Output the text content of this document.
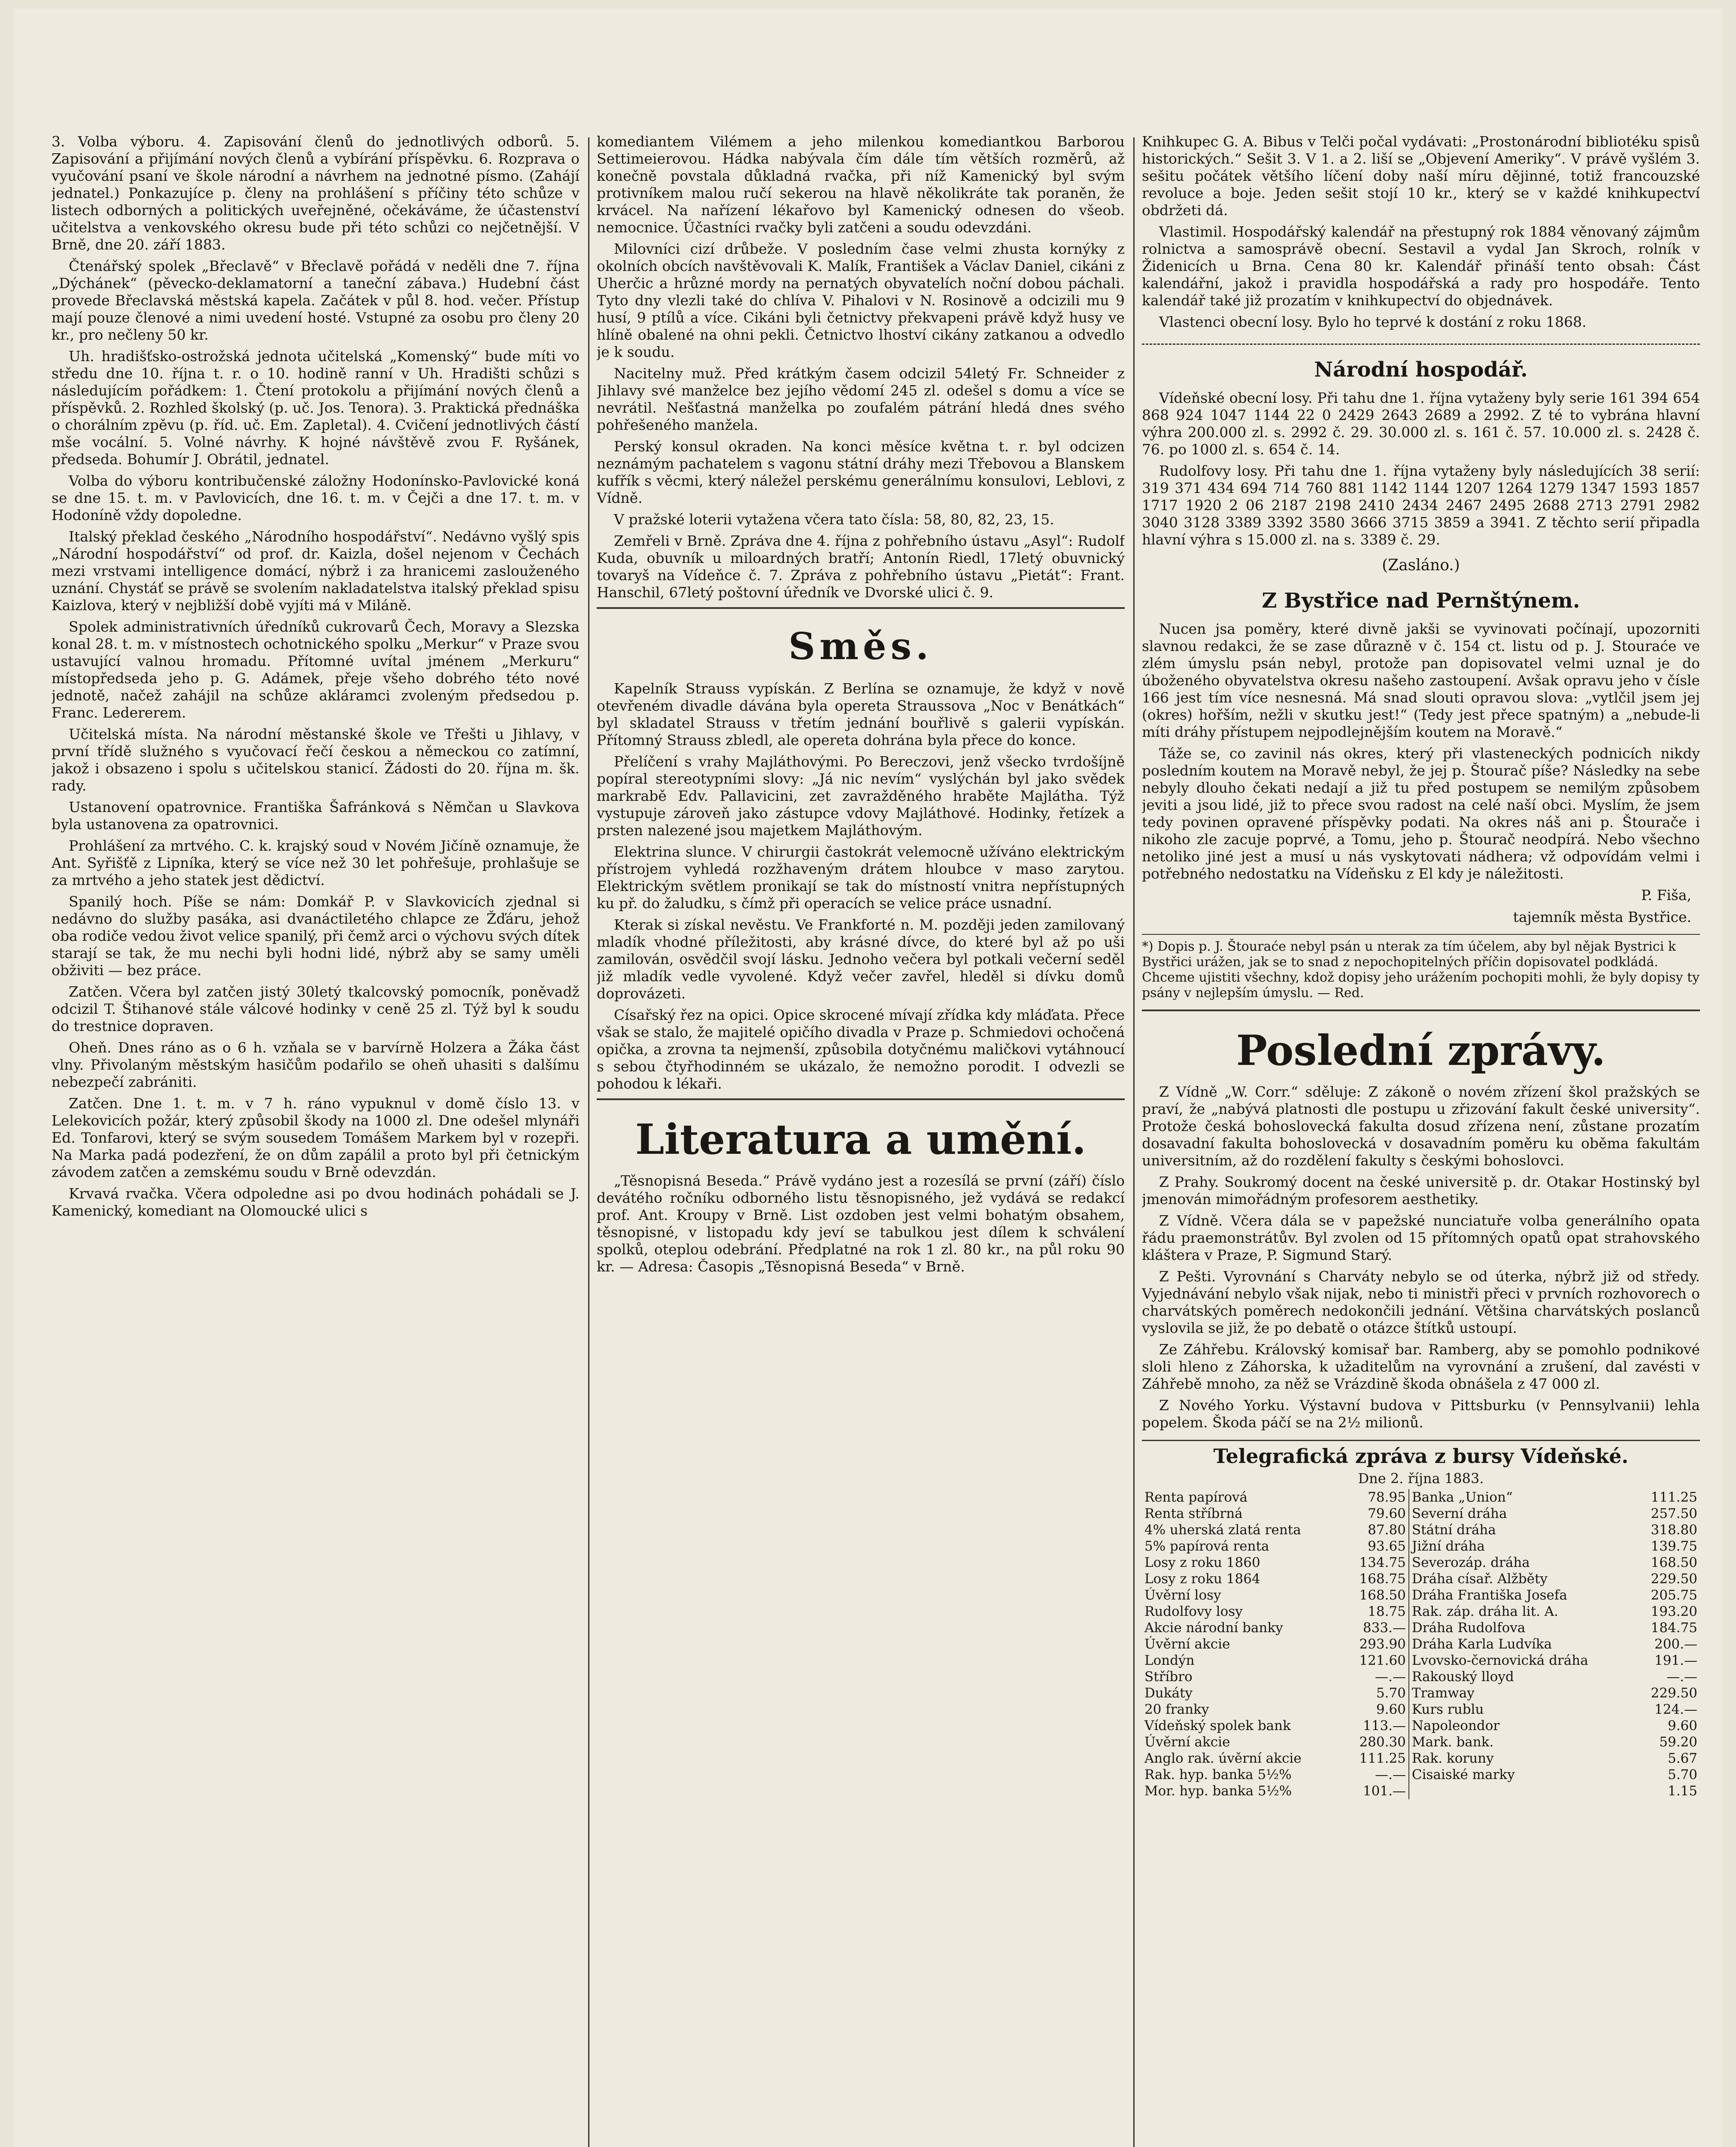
3. Volba výboru. 4. Zapisování členů do jednotlivých odborů. 5. Zapisování a přijímání nových členů a vybírání příspěvku. 6. Rozprava o vyučování psaní ve škole národní a návrhem na jednotné písmo. (Zahájí jednatel.) Ponkazujíce p. členy na prohlášení s příčiny této schůze v listech odborných a politických uveřejněné, očekáváme, že účastenství učitelstva a venkovského okresu bude při této schůzi co nejčetnější. V Brně, dne 20. září 1883.

Čtenářský spolek „Břeclavě“ v Břeclavě pořádá v neděli dne 7. října „Dýchánek“ (pěvecko-deklamatorní a taneční zábava.) Hudební část provede Břeclavská městská kapela. Začátek v půl 8. hod. večer. Přístup mají pouze členové a nimi uvedení hosté. Vstupné za osobu pro členy 20 kr., pro nečleny 50 kr.

Uh. hradišťsko-ostrožská jednota učitelská „Komenský“ bude míti vo středu dne 10. října t. r. o 10. hodině ranní v Uh. Hradišti schůzi s následujícím pořádkem: 1. Čtení protokolu a přijímání nových členů a příspěvků. 2. Rozhled školský (p. uč. Jos. Tenora). 3. Praktická přednáška o chorálním zpěvu (p. říd. uč. Em. Zapletal). 4. Cvičení jednotlivých částí mše vocální. 5. Volné návrhy. K hojné návštěvě zvou F. Ryšánek, předseda. Bohumír J. Obrátil, jednatel.

Volba do výboru kontribučenské záložny Hodonínsko-Pavlovické koná se dne 15. t. m. v Pavlovicích, dne 16. t. m. v Čejči a dne 17. t. m. v Hodoníně vždy dopoledne.

Italský překlad českého „Národního hospodářství“. Nedávno vyšlý spis „Národní hospodářství“ od prof. dr. Kaizla, došel nejenom v Čechách mezi vrstvami intelligence domácí, nýbrž i za hranicemi zaslouženého uznání. Chystáť se právě se svolením nakladatelstva italský překlad spisu Kaizlova, který v nejbližší době vyjíti má v Miláně.

Spolek administrativních úředníků cukrovarů Čech, Moravy a Slezska konal 28. t. m. v místnostech ochotnického spolku „Merkur“ v Praze svou ustavující valnou hromadu. Přítomné uvítal jménem „Merkuru“ místopředseda jeho p. G. Adámek, přeje všeho dobrého této nové jednotě, načež zahájil na schůze akláramci zvoleným předsedou p. Franc. Ledererem.

Učitelská místa. Na národní městanské škole ve Třešti u Jihlavy, v první třídě služného s vyučovací řečí českou a německou co zatímní, jakož i obsazeno i spolu s učitelskou stanicí. Žádosti do 20. října m. šk. rady.

Ustanovení opatrovnice. Františka Šafránková s Němčan u Slavkova byla ustanovena za opatrovnici.

Prohlášení za mrtvého. C. k. krajský soud v Novém Jičíně oznamuje, že Ant. Syřišťě z Lipníka, který se více než 30 let pohřešuje, prohlašuje se za mrtvého a jeho statek jest dědictví.

Spanilý hoch. Píše se nám: Domkář P. v Slavkovicích zjednal si nedávno do služby pasáka, asi dvanáctiletého chlapce ze Žďáru, jehož oba rodiče vedou život velice spanilý, při čemž arci o výchovu svých dítek starají se tak, že mu nechi byli hodni lidé, nýbrž aby se samy uměli obživiti — bez práce.

Zatčen. Včera byl zatčen jistý 30letý tkalcovský pomocník, poněvadž odcizil T. Štihanové stále válcové hodinky v ceně 25 zl. Týž byl k soudu do trestnice dopraven.

Oheň. Dnes ráno as o 6 h. vzňala se v barvírně Holzera a Žáka část vlny. Přivolaným městským hasičům podařilo se oheň uhasiti s dalšímu nebezpečí zabrániti.

Zatčen. Dne 1. t. m. v 7 h. ráno vypuknul v domě číslo 13. v Lelekovicích požár, který způsobil škody na 1000 zl. Dne odešel mlynáři Ed. Tonfarovi, který se svým sousedem Tomášem Markem byl v rozepři. Na Marka padá podezření, že on dům zapálil a proto byl při četnickým závodem zatčen a zemskému soudu v Brně odevzdán.

Krvavá rvačka. Včera odpoledne asi po dvou hodinách pohádali se J. Kamenický, komediant na Olomoucké ulici s

komediantem Vilémem a jeho milenkou komediantkou Barborou Settimeierovou. Hádka nabývala čím dále tím větších rozměrů, až konečně povstala důkladná rvačka, při níž Kamenický byl svým protivníkem malou ručí sekerou na hlavě několikráte tak poraněn, že krvácel. Na nařízení lékařovo byl Kamenický odnesen do všeob. nemocnice. Účastníci rvačky byli zatčeni a soudu odevzdáni.

Milovníci cizí drůbeže. V posledním čase velmi zhusta kornýky z okolních obcích navštěvovali K. Malík, František a Václav Daniel, cikáni z Uherčic a hrůzné mordy na pernatých obyvatelích noční dobou páchali. Tyto dny vlezli také do chlíva V. Pihalovi v N. Rosinově a odcizili mu 9 husí, 9 ptílů a více. Cikáni byli četnictvy překvapeni právě když husy ve hlíně obalené na ohni pekli. Četnictvo lhoství cikány zatkanou a odvedlo je k soudu.

Nacitelny muž. Před krátkým časem odcizil 54letý Fr. Schneider z Jihlavy své manželce bez jejího vědomí 245 zl. odešel s domu a více se nevrátil. Nešťastná manželka po zoufalém pátrání hledá dnes svého pohřešeného manžela.

Perský konsul okraden. Na konci měsíce května t. r. byl odcizen neznámým pachatelem s vagonu státní dráhy mezi Třebovou a Blanskem kufřík s věcmi, který náležel perskému generálnímu konsulovi, Leblovi, z Vídně.

V pražské loterii vytažena včera tato čísla: 58, 80, 82, 23, 15.

Zemřeli v Brně. Zpráva dne 4. října z pohřebního ústavu „Asyl“: Rudolf Kuda, obuvník u miloardných bratří; Antonín Riedl, 17letý obuvnický tovaryš na Vídeňce č. 7. Zpráva z pohřebního ústavu „Pietát“: Frant. Hanschil, 67letý poštovní úředník ve Dvorské ulici č. 9.

Směs.

Kapelník Strauss vypískán. Z Berlína se oznamuje, že když v nově otevřeném divadle dávána byla opereta Straussova „Noc v Benátkách“ byl skladatel Strauss v třetím jednání bouřlivě s galerii vypískán. Přítomný Strauss zbledl, ale opereta dohrána byla přece do konce.

Přelíčení s vrahy Majláthovými. Po Bereczovi, jenž všecko tvrdošíjně popíral stereotypními slovy: „Já nic nevím“ vyslýchán byl jako svědek markrabě Edv. Pallavicini, zet zavražděného hraběte Majlátha. Týž vystupuje zároveň jako zástupce vdovy Majláthové. Hodinky, řetízek a prsten nalezené jsou majetkem Majláthovým.

Elektrina slunce. V chirurgii častokrát velemocně užíváno elektrickým přístrojem vyhledá rozžhaveným drátem hloubce v maso zarytou. Elektrickým světlem pronikají se tak do místností vnitra nepřístupných ku př. do žaludku, s čímž při operacích se velice práce usnadní.

Kterak si získal nevěstu. Ve Frankforté n. M. později jeden zamilovaný mladík vhodné příležitosti, aby krásné dívce, do které byl až po uši zamilován, osvědčil svojí lásku. Jednoho večera byl potkali večerní seděl již mladík vedle vyvolené. Když večer zavřel, hleděl si dívku domů doprovázeti.

Císařský řez na opici. Opice skrocené mívají zřídka kdy mláďata. Přece však se stalo, že majitelé opičího divadla v Praze p. Schmiedovi ochočená opička, a zrovna ta nejmenší, způsobila dotyčnému maličkovi vytáhnoucí s sebou čtyřhodinném se ukázalo, že nemožno porodit. I odvezli se pohodou k lékaři.

Literatura a umění.

„Těsnopisná Beseda.“ Právě vydáno jest a rozesílá se první (září) číslo devátého ročníku odborného listu těsnopisného, jež vydává se redakcí prof. Ant. Kroupy v Brně. List ozdoben jest velmi bohatým obsahem, těsnopisné, v listopadu kdy jeví se tabulkou jest dílem k schválení spolků, oteplou odebrání. Předplatné na rok 1 zl. 80 kr., na půl roku 90 kr. — Adresa: Časopis „Těsnopisná Beseda“ v Brně.

Knihkupec G. A. Bibus v Telči počal vydávati: „Prostonárodní bibliotéku spisů historických.“ Sešit 3. V 1. a 2. liší se „Objevení Ameriky“. V právě vyšlém 3. sešitu počátek většího líčení doby naší míru dějinné, totiž francouzské revoluce a boje. Jeden sešit stojí 10 kr., který se v každé knihkupectví obdržeti dá.

Vlastimil. Hospodářský kalendář na přestupný rok 1884 věnovaný zájmům rolnictva a samosprávě obecní. Sestavil a vydal Jan Skroch, rolník v Židenicích u Brna. Cena 80 kr. Kalendář přináší tento obsah: Část kalendářní, jakož i pravidla hospodářská a rady pro hospodáře. Tento kalendář také již prozatím v knihkupectví do objednávek.

Vlastenci obecní losy. Bylo ho teprvé k dostání z roku 1868.

Národní hospodář.

Vídeňské obecní losy. Při tahu dne 1. října vytaženy byly serie 161 394 654 868 924 1047 1144 22 0 2429 2643 2689 a 2992. Z té to vybrána hlavní výhra 200.000 zl. s. 2992 č. 29. 30.000 zl. s. 161 č. 57. 10.000 zl. s. 2428 č. 76. po 1000 zl. s. 654 č. 14.

Rudolfovy losy. Při tahu dne 1. října vytaženy byly následujících 38 serií: 319 371 434 694 714 760 881 1142 1144 1207 1264 1279 1347 1593 1857 1717 1920 2 06 2187 2198 2410 2434 2467 2495 2688 2713 2791 2982 3040 3128 3389 3392 3580 3666 3715 3859 a 3941. Z těchto serií připadla hlavní výhra s 15.000 zl. na s. 3389 č. 29.

(Zasláno.)
Z Bystřice nad Pernštýnem.

Nucen jsa poměry, které divně jakši se vyvinovati počínají, upozorniti slavnou redakci, že se zase důrazně v č. 154 ct. listu od p. J. Stouraće ve zlém úmyslu psán nebyl, protože pan dopisovatel velmi uznal je do úboženého obyvatelstva okresu našeho zastoupení. Avšak opravu jeho v čísle 166 jest tím více nesnesná. Má snad slouti opravou slova: „vytlčil jsem jej (okres) hořším, nežli v skutku jest!“ (Tedy jest přece spatným) a „nebude-li míti dráhy přístupem nejpodlejnějším koutem na Moravě.“

Táže se, co zavinil nás okres, který při vlasteneckých podnicích nikdy posledním koutem na Moravě nebyl, že jej p. Štourač píše? Následky na sebe nebyly dlouho čekati nedají a již tu před postupem se nemilým způsobem jeviti a jsou lidé, již to přece svou radost na celé naší obci. Myslím, že jsem tedy povinen opravené příspěvky podati. Na okres náš ani p. Štourače i nikoho zle zacuje poprvé, a Tomu, jeho p. Štourač neodpírá. Nebo všechno netoliko jiné jest a musí u nás vyskytovati nádhera; vž odpovídám velmi i potřebného nedostatku na Vídeňsku z El kdy je náležitosti.

P. Fiša,
tajemník města Bystřice.
*) Dopis p. J. Štouraće nebyl psán u nterak za tím účelem, aby byl nějak Bystrici k Bystřici urážen, jak se to snad z nepochopitelných příčin dopisovatel podkládá. Chceme ujistiti všechny, kdož dopisy jeho urážením pochopiti mohli, že byly dopisy ty psány v nejlepším úmyslu. — Red.
Poslední zprávy.

Z Vídně „W. Corr.“ sděluje: Z zákoně o novém zřízení škol pražských se praví, že „nabývá platnosti dle postupu u zřizování fakult české university“. Protože česká bohoslovecká fakulta dosud zřízena není, zůstane prozatím dosavadní fakulta bohoslovecká v dosavadním poměru ku oběma fakultám universitním, až do rozdělení fakulty s českými bohoslovci.

Z Prahy. Soukromý docent na české universitě p. dr. Otakar Hostinský byl jmenován mimořádným profesorem aesthetiky.

Z Vídně. Včera dála se v papežské nunciatuře volba generálního opata řádu praemonstrátův. Byl zvolen od 15 přítomných opatů opat strahovského kláštera v Praze, P. Sigmund Starý.

Z Pešti. Vyrovnání s Charváty nebylo se od úterka, nýbrž již od středy. Vyjednávání nebylo však nijak, nebo ti ministři přeci v prvních rozhovorech o charvátských poměrech nedokončili jednání. Většina charvátských poslanců vyslovila se již, že po debatě o otázce štítků ustoupí.

Ze Záhřebu. Královský komisař bar. Ramberg, aby se pomohlo podnikové sloli hleno z Záhorska, k užaditelům na vyrovnání a zrušení, dal zavésti v Záhřebě mnoho, za něž se Vrázdině škoda obnášela z 47 000 zl.

Z Nového Yorku. Výstavní budova v Pittsburku (v Pennsylvanii) lehla popelem. Škoda páčí se na 2½ milionů.

Telegrafická zpráva z bursy Vídeňské.
Dne 2. října 1883.
Renta papírová	78.95	Banka „Union“	111.25
Renta stříbrná	79.60	Severní dráha	257.50
4% uherská zlatá renta	87.80	Státní dráha	318.80
5% papírová renta	93.65	Jižní dráha	139.75
Losy z roku 1860	134.75	Severozáp. dráha	168.50
Losy z roku 1864	168.75	Dráha císař. Alžběty	229.50
Úvěrní losy	168.50	Dráha Františka Josefa	205.75
Rudolfovy losy	18.75	Rak. záp. dráha lit. A.	193.20
Akcie národní banky	833.—	Dráha Rudolfova	184.75
Úvěrní akcie	293.90	Dráha Karla Ludvíka	200.—
Londýn	121.60	Lvovsko-černovická dráha	191.—
Stříbro	—.—	Rakouský lloyd	—.—
Dukáty	5.70	Tramway	229.50
20 franky	9.60	Kurs rublu	124.—
Vídeňský spolek bank	113.—	Napoleondor	9.60
Úvěrní akcie	280.30	Mark. bank.	59.20
Anglo rak. úvěrní akcie	111.25	Rak. koruny	5.67
Rak. hyp. banka 5½%	—.—	Cisaiské marky	5.70
Mor. hyp. banka 5½%	101.—		1.15
